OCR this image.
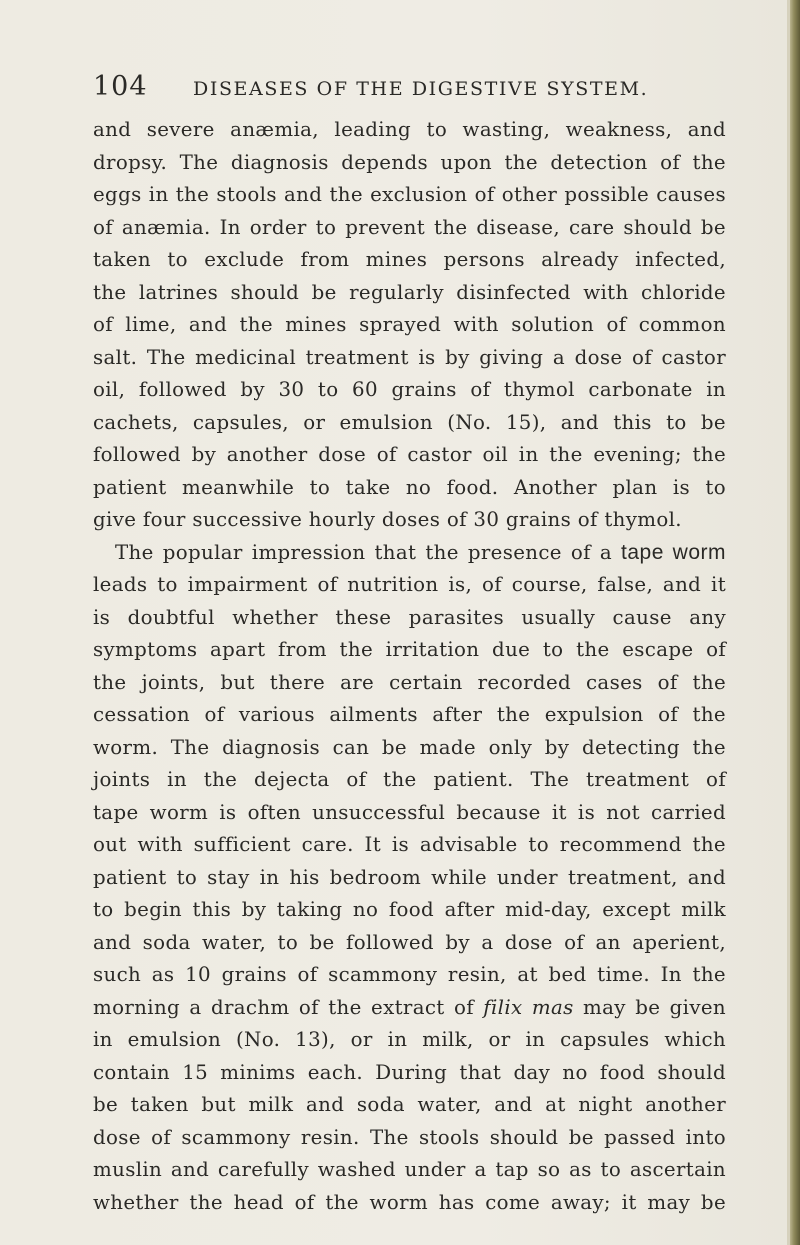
104 DISEASES OF THE DIGESTIVE SYSTEM.
and severe anæmia, leading to wasting, weakness, and
dropsy. The diagnosis depends upon the detection of the
eggs in the stools and the exclusion of other possible causes
of anæmia. In order to prevent the disease, care should be
taken to exclude from mines persons already infected,
the latrines should be regularly disinfected with chloride
of lime, and the mines sprayed with solution of common
salt. The medicinal treatment is by giving a dose of castor
oil, followed by 30 to 60 grains of thymol carbonate in
cachets, capsules, or emulsion (No. 15), and this to be
followed by another dose of castor oil in the evening; the
patient meanwhile to take no food. Another plan is to
give four successive hourly doses of 30 grains of thymol.
The popular impression that the presence of a tape worm
leads to impairment of nutrition is, of course, false, and it
is doubtful whether these parasites usually cause any
symptoms apart from the irritation due to the escape of
the joints, but there are certain recorded cases of the
cessation of various ailments after the expulsion of the
worm. The diagnosis can be made only by detecting the
joints in the dejecta of the patient. The treatment of
tape worm is often unsuccessful because it is not carried
out with sufficient care. It is advisable to recommend the
patient to stay in his bedroom while under treatment, and
to begin this by taking no food after mid-day, except milk
and soda water, to be followed by a dose of an aperient,
such as 10 grains of scammony resin, at bed time. In the
morning a drachm of the extract of filix mas may be given
in emulsion (No. 13), or in milk, or in capsules which
contain 15 minims each. During that day no food should
be taken but milk and soda water, and at night another
dose of scammony resin. The stools should be passed into
muslin and carefully washed under a tap so as to ascertain
whether the head of the worm has come away; it may be
